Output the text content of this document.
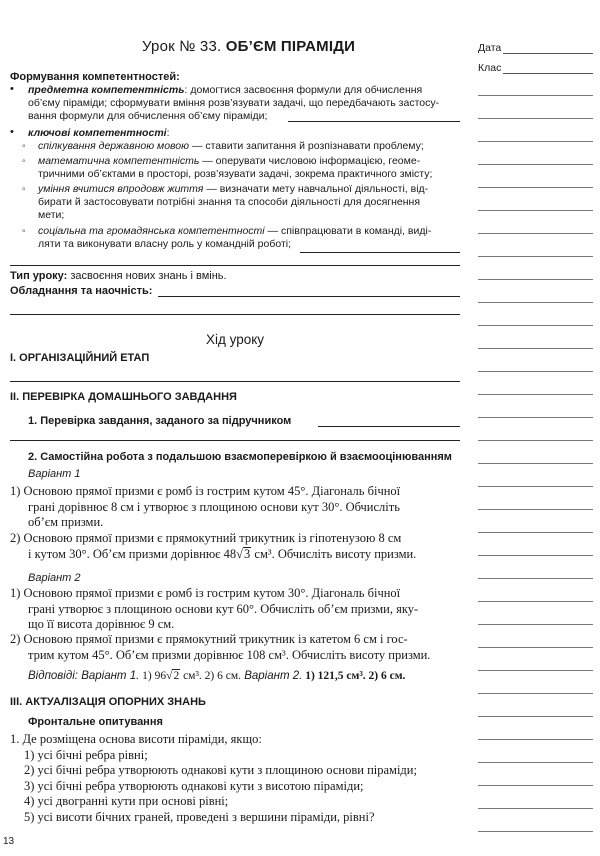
Урок № 33. ОБ’ЄМ ПІРАМІДИ	Дата
Клас
Формування компетентностей:
• предметна компетентність: домогтися засвоєння формули для обчислення
об’єму піраміди; сформувати вміння розв’язувати задачі, що передбачають застосу-
вання формули для обчислення об’єму піраміди;
• ключові компетентності:
◦	спілкування державною мовою — ставити запитання й розпізнавати проблему;
◦	математична компетентність — оперувати числовою інформацією, геоме-
тричними об’єктами в просторі, розв’язувати задачі, зокрема практичного змісту;
◦	уміння вчитися впродовж життя — визначати мету навчальної діяльності, від-
бирати й застосовувати потрібні знання та способи діяльності для досягнення
мети;
◦	соціальна та громадянська компетентності — співпрацювати в команді, виді-
ляти та виконувати власну роль у командній роботі;
Тип уроку: засвоєння нових знань і вмінь.
Обладнання та наочність:
Хід уроку
I. ОРГАНІЗАЦІЙНИЙ ЕТАП
II. ПЕРЕВІРКА ДОМАШНЬОГО ЗАВДАННЯ
1. Перевірка завдання, заданого за підручником
2. Самостійна робота з подальшою взаємоперевіркою й взаємооцінюванням
Варіант 1
1) Основою прямої призми є ромб із гострим кутом 45°. Діагональ бічної
грані дорівнює 8 см і утворює з площиною основи кут 30°. Обчисліть
об’єм призми.
2) Основою прямої призми є прямокутний трикутник із гіпотенузою 8 см
і кутом 30°. Об’єм призми дорівнює 48√3 см³. Обчисліть висоту призми.
Варіант 2
1) Основою прямої призми є ромб із гострим кутом 30°. Діагональ бічної
грані утворює з площиною основи кут 60°. Обчисліть об’єм призми, яку-
що її висота дорівнює 9 см.
2) Основою прямої призми є прямокутний трикутник із катетом 6 см і гос-
трим кутом 45°. Об’єм призми дорівнює 108 см³. Обчисліть висоту призми.
Відповіді: Варіант 1. 1) 96√2 см³. 2) 6 см. Варіант 2. 1) 121,5 см³. 2) 6 см.
III. АКТУАЛІЗАЦІЯ ОПОРНИХ ЗНАНЬ
Фронтальне опитування
1. Де розміщена основа висоти піраміди, якщо:
1) усі бічні ребра рівні;
2) усі бічні ребра утворюють однакові кути з площиною основи піраміди;
3) усі бічні ребра утворюють однакові кути з висотою піраміди;
4) усі двогранні кути при основі рівні;
5) усі висоти бічних граней, проведені з вершини піраміди, рівні?
13
